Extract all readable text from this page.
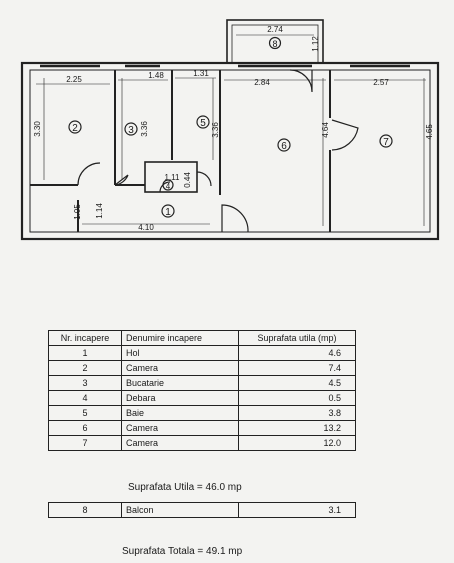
2.74
1.12
2.25
3.30
1.48
3.36
1.31
3.36
2.84
4.64
2.57
4.65
1.11 0.44
4.10
1.14
1.05	1
2	3
4
5
6	7
8
Nr. incapere	Denumire incapere	Suprafata utila (mp)
1	Hol	4.6
2	Camera	7.4
3	Bucatarie	4.5
4	Debara	0.5
5	Baie	3.8
6	Camera	13.2
7	Camera	12.0
Suprafata Utila = 46.0 mp
8	Balcon	3.1
Suprafata Totala = 49.1 mp
